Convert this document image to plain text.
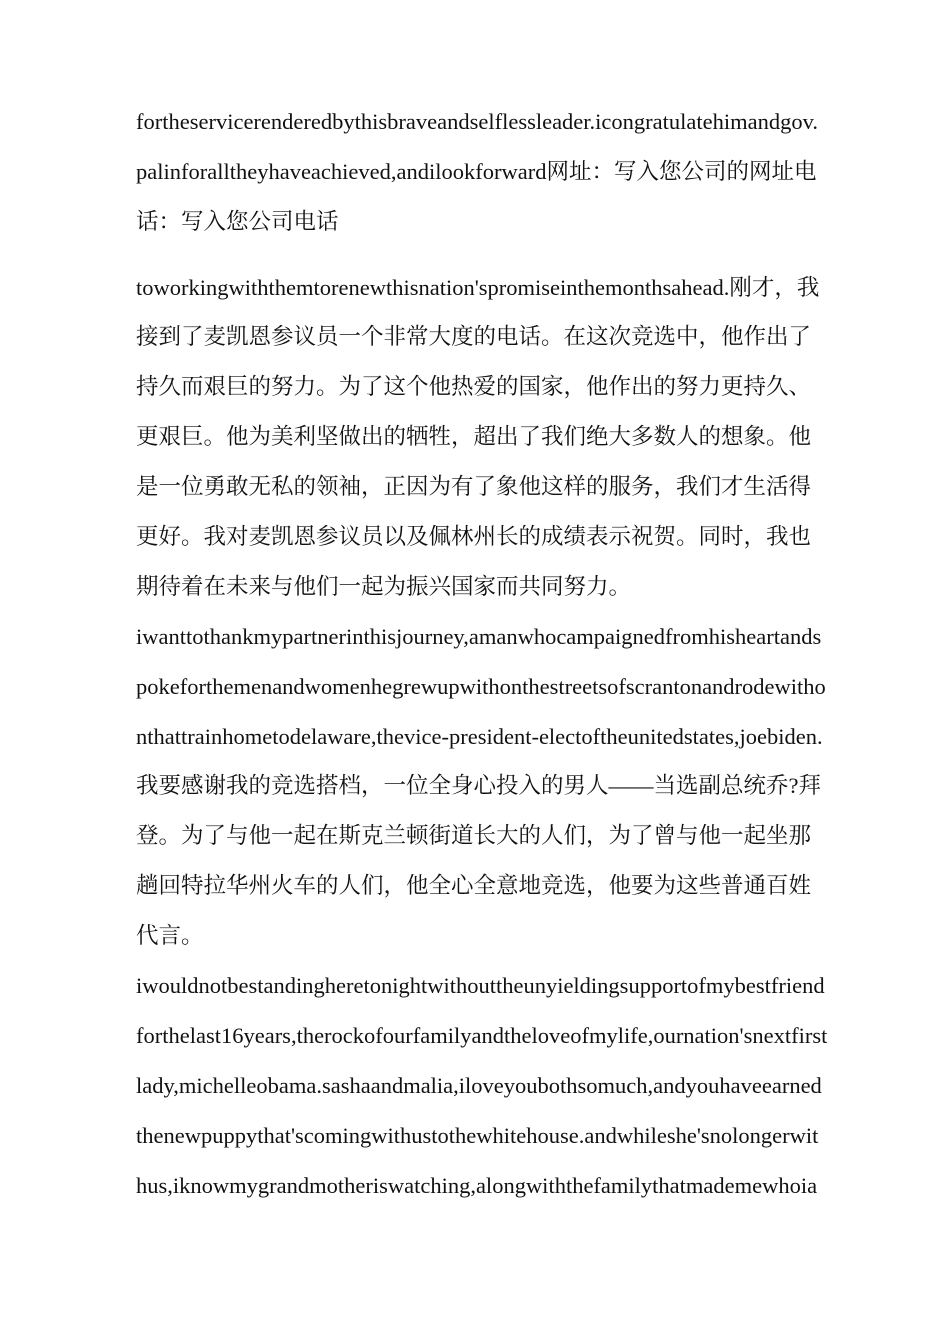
fortheservicerenderedbythisbraveandselflessleader.icongratulatehimandgov.

palinforalltheyhaveachieved,andilookforward网址：写入您公司的网址电

话：写入您公司电话

toworkingwiththemtorenewthisnation'spromiseinthemonthsahead.刚才，我

接到了麦凯恩参议员一个非常大度的电话。在这次竞选中，他作出了

持久而艰巨的努力。为了这个他热爱的国家，他作出的努力更持久、

更艰巨。他为美利坚做出的牺牲，超出了我们绝大多数人的想象。他

是一位勇敢无私的领袖，正因为有了象他这样的服务，我们才生活得

更好。我对麦凯恩参议员以及佩林州长的成绩表示祝贺。同时，我也

期待着在未来与他们一起为振兴国家而共同努力。

iwanttothankmypartnerinthisjourney,amanwhocampaignedfromhisheartands

pokeforthemenandwomenhegrewupwithonthestreetsofscrantonandrodewitho

nthattrainhometodelaware,thevice-president-electoftheunitedstates,joebiden.

我要感谢我的竞选搭档，一位全身心投入的男人——当选副总统乔?拜

登。为了与他一起在斯克兰顿街道长大的人们，为了曾与他一起坐那

趟回特拉华州火车的人们，他全心全意地竞选，他要为这些普通百姓

代言。

iwouldnotbestandingheretonightwithouttheunyieldingsupportofmybestfriend

forthelast16years,therockofourfamilyandtheloveofmylife,ournation'snextfirst

lady,michelleobama.sashaandmalia,iloveyoubothsomuch,andyouhaveearned

thenewpuppythat'scomingwithustothewhitehouse.andwhileshe'snolongerwit

hus,iknowmygrandmotheriswatching,alongwiththefamilythatmademewhoia
